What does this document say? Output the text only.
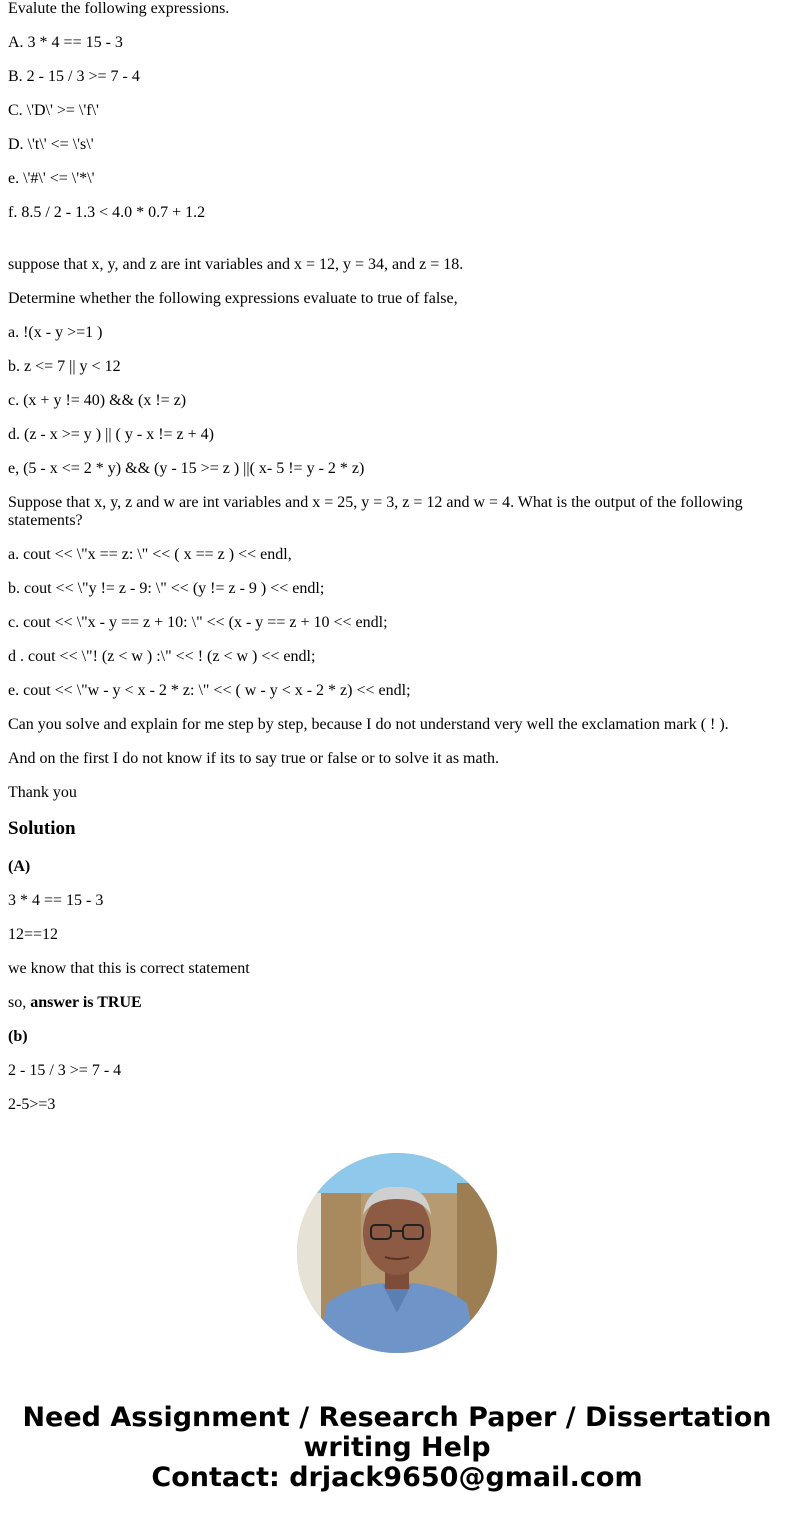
Evalute the following expressions.

A. 3 * 4 == 15 - 3

B. 2 - 15 / 3 >= 7 - 4

C. \'D\' >= \'f\'

D. \'t\' <= \'s\'

e. \'#\' <= \'*\'

f. 8.5 / 2 - 1.3 < 4.0 * 0.7 + 1.2

suppose that x, y, and z are int variables and x = 12, y = 34, and z = 18.

Determine whether the following expressions evaluate to true of false,

a. !(x - y >=1 )

b. z <= 7 || y < 12

c. (x + y != 40) && (x != z)

d. (z - x >= y ) || ( y - x != z + 4)

e, (5 - x <= 2 * y) && (y - 15 >= z ) ||( x- 5 != y - 2 * z)

Suppose that x, y, z and w are int variables and x = 25, y = 3, z = 12 and w = 4. What is the output of the following statements?

a. cout << \"x == z: \" << ( x == z ) << endl,

b. cout << \"y != z - 9: \" << (y != z - 9 ) << endl;

c. cout << \"x - y == z + 10: \" << (x - y == z + 10 << endl;

d . cout << \"! (z < w ) :\" << ! (z < w ) << endl;

e. cout << \"w - y < x - 2 * z: \" << ( w - y < x - 2 * z) << endl;

Can you solve and explain for me step by step, because I do not understand very well the exclamation mark ( ! ).

And on the first I do not know if its to say true or false or to solve it as math.

Thank you

Solution

(A)

3 * 4 == 15 - 3

12==12

we know that this is correct statement

so, answer is TRUE

(b)

2 - 15 / 3 >= 7 - 4

2-5>=3

Need Assignment / Research Paper / Dissertation
writing Help
Contact: drjack9650@gmail.com
